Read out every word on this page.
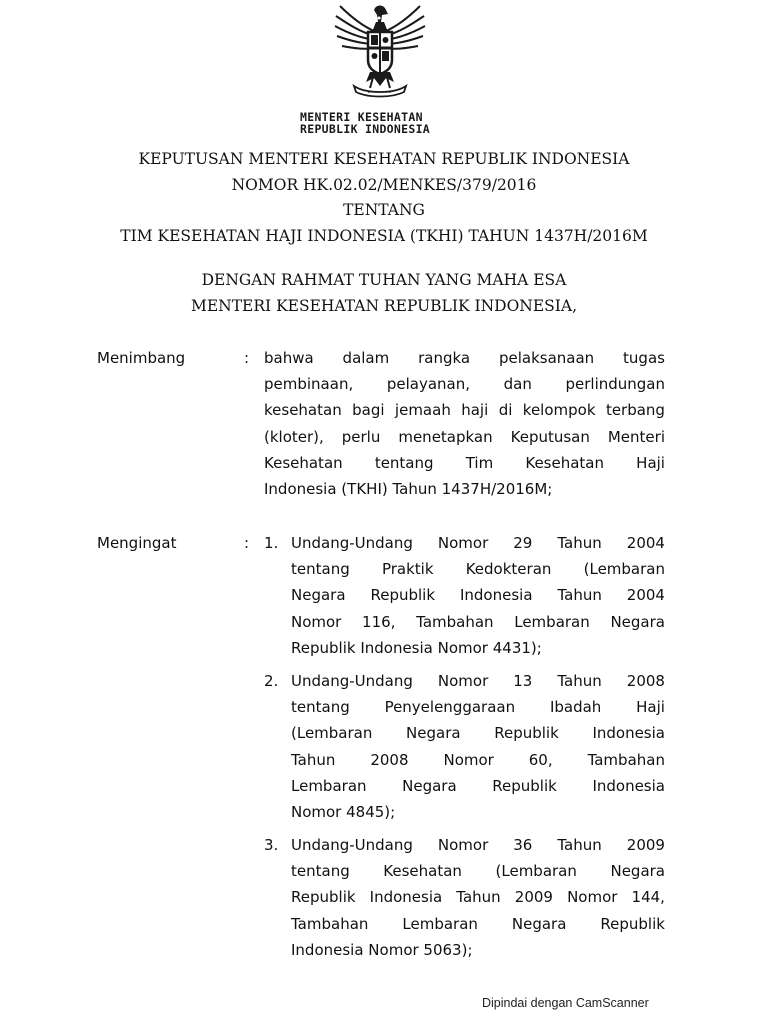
MENTERI KESEHATAN
REPUBLIK INDONESIA
KEPUTUSAN MENTERI KESEHATAN REPUBLIK INDONESIA
NOMOR HK.02.02/MENKES/379/2016
TENTANG
TIM KESEHATAN HAJI INDONESIA (TKHI) TAHUN 1437H/2016M
DENGAN RAHMAT TUHAN YANG MAHA ESA
MENTERI KESEHATAN REPUBLIK INDONESIA,
Menimbang	: bahwa dalam rangka pelaksanaan tugas
pembinaan, pelayanan, dan perlindungan
kesehatan bagi jemaah haji di kelompok terbang
(kloter), perlu menetapkan Keputusan Menteri
Kesehatan tentang Tim Kesehatan Haji
Indonesia (TKHI) Tahun 1437H/2016M;
Mengingat	: 1. Undang-Undang Nomor 29 Tahun 2004
tentang Praktik Kedokteran (Lembaran
Negara Republik Indonesia Tahun 2004
Nomor 116, Tambahan Lembaran Negara
Republik Indonesia Nomor 4431);
2. Undang-Undang Nomor 13 Tahun 2008
tentang Penyelenggaraan Ibadah Haji
(Lembaran Negara Republik Indonesia
Tahun 2008 Nomor 60, Tambahan
Lembaran Negara Republik Indonesia
Nomor 4845);
3. Undang-Undang Nomor 36 Tahun 2009
tentang Kesehatan (Lembaran Negara
Republik Indonesia Tahun 2009 Nomor 144,
Tambahan Lembaran Negara Republik
Indonesia Nomor 5063);
Dipindai dengan CamScanner
